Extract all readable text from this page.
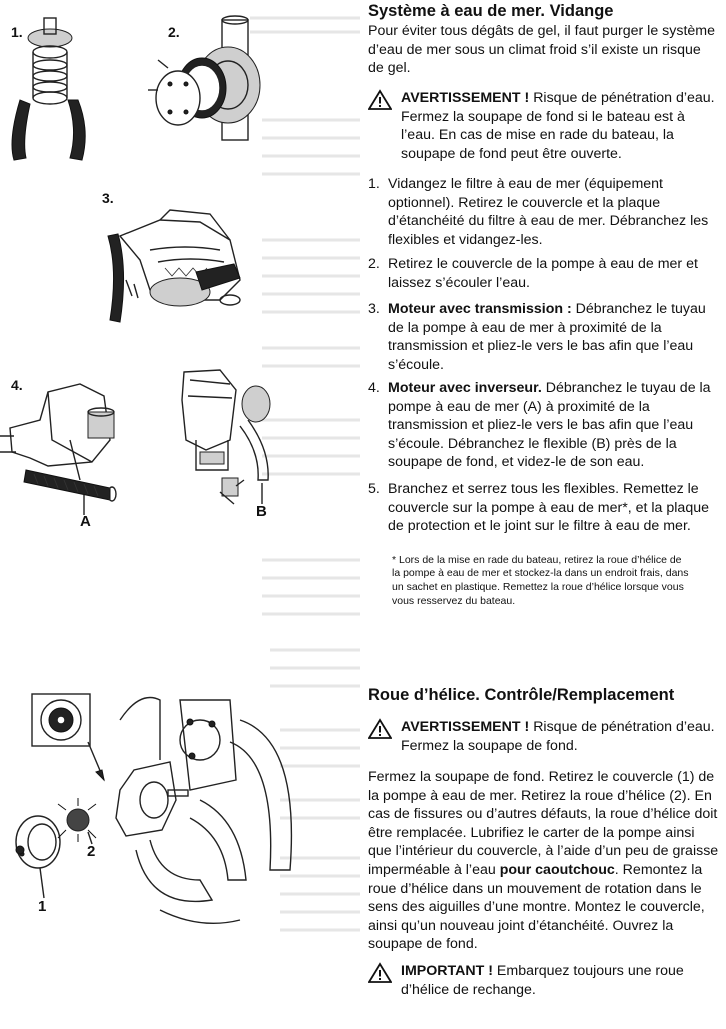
1.	2.
3.
4.
A
B
1
2
Système à eau de mer. Vidange

Pour éviter tous dégâts de gel, il faut purger le système d’eau de mer sous un climat froid s’il existe un risque de gel.

AVERTISSEMENT ! Risque de pénétration d’eau. Fermez la soupape de fond si le bateau est à l’eau. En cas de mise en rade du bateau, la soupape de fond peut être ouverte.
1. Vidangez le filtre à eau de mer (équipement optionnel). Retirez le couvercle et la plaque d’étanchéité du filtre à eau de mer. Débranchez les flexibles et vidangez-les.
2. Retirez le couvercle de la pompe à eau de mer et laissez s’écouler l’eau.
3. Moteur avec transmission : Débranchez le tuyau de la pompe à eau de mer à proximité de la transmission et pliez-le vers le bas afin que l’eau s’écoule.
4. Moteur avec inverseur. Débranchez le tuyau de la pompe à eau de mer (A) à proximité de la transmission et pliez-le vers le bas afin que l’eau s’écoule. Débranchez le flexible (B) près de la soupape de fond, et videz-le de son eau.
5. Branchez et serrez tous les flexibles. Remettez le couvercle sur la pompe à eau de mer*, et la plaque de protection et le joint sur le filtre à eau de mer.

* Lors de la mise en rade du bateau, retirez la roue d’hélice de la pompe à eau de mer et stockez-la dans un endroit frais, dans un sachet en plastique. Remettez la roue d’hélice lorsque vous vous resservez du bateau.

Roue d’hélice. Contrôle/Remplacement
AVERTISSEMENT ! Risque de pénétration d’eau. Fermez la soupape de fond.

Fermez la soupape de fond. Retirez le couvercle (1) de la pompe à eau de mer. Retirez la roue d’hélice (2). En cas de fissures ou d’autres défauts, la roue d’hélice doit être remplacée. Lubrifiez le carter de la pompe ainsi que l’intérieur du couvercle, à l’aide d’un peu de graisse imperméable à l’eau pour caoutchouc. Remontez la roue d’hélice dans un mouvement de rotation dans le sens des aiguilles d’une montre. Montez le couvercle, ainsi qu’un nouveau joint d’étanchéité. Ouvrez la soupape de fond.

IMPORTANT ! Embarquez toujours une roue d’hélice de rechange.
